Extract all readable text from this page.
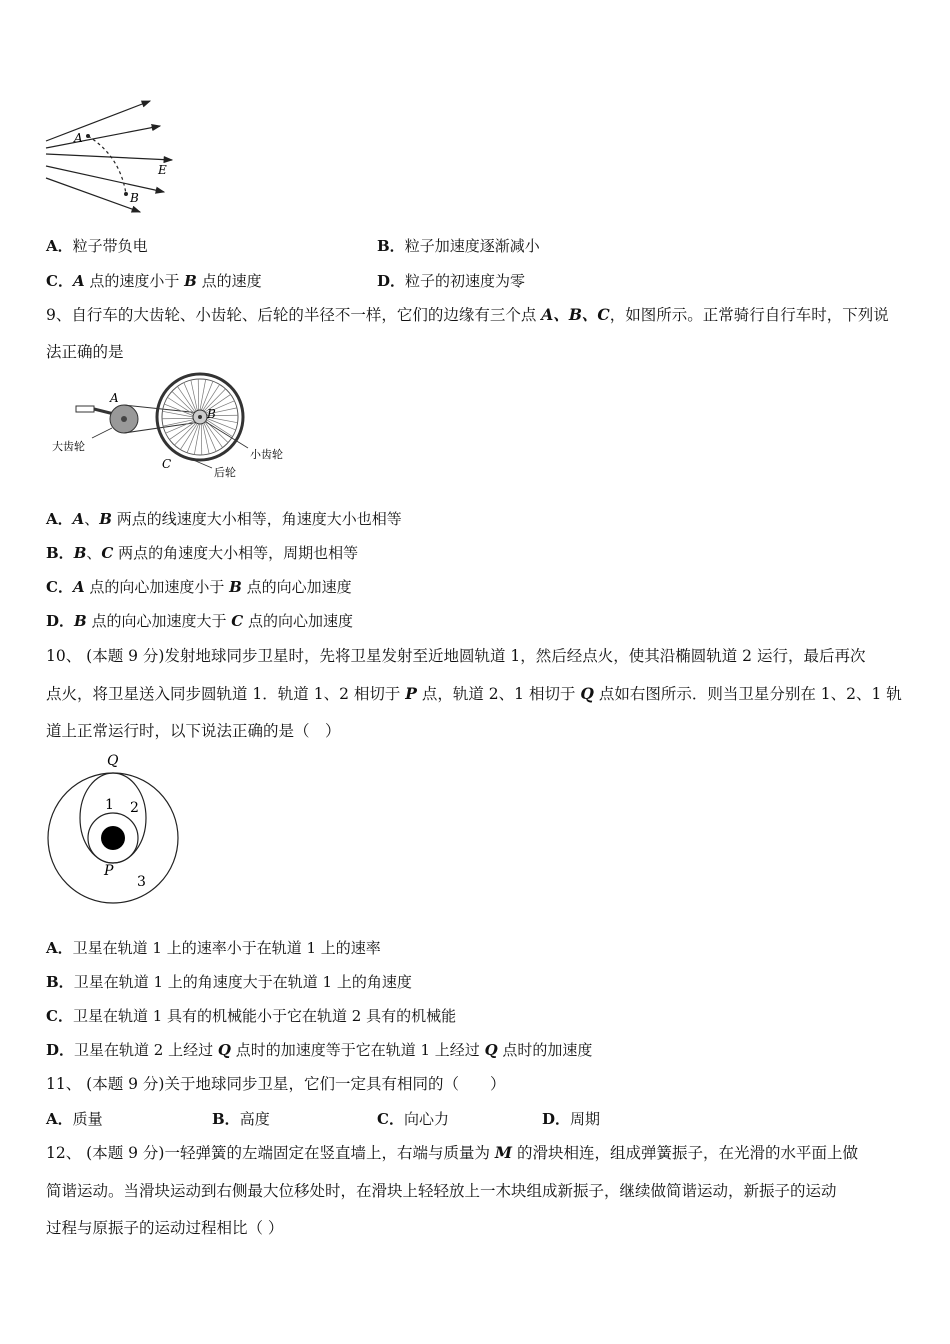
A
B
E
A．粒子带负电	B．粒子加速度逐渐减小
C．A 点的速度小于 B 点的速度	D．粒子的初速度为零
9、自行车的大齿轮、小齿轮、后轮的半径不一样，它们的边缘有三个点 A、B、C，如图所示。正常骑行自行车时，下列说
法正确的是
A
B
C
大齿轮
小齿轮
后轮
A．A、B 两点的线速度大小相等，角速度大小也相等
B．B、C 两点的角速度大小相等，周期也相等
C．A 点的向心加速度小于 B 点的向心加速度
D．B 点的向心加速度大于 C 点的向心加速度
10、 (本题 9 分)发射地球同步卫星时，先将卫星发射至近地圆轨道 1，然后经点火，使其沿椭圆轨道 2 运行，最后再次
点火，将卫星送入同步圆轨道 1．轨道 1、2 相切于 P 点，轨道 2、1 相切于 Q 点如右图所示．则当卫星分别在 1、2、1 轨
道上正常运行时，以下说法正确的是（　）
Q
P
1 2
3
A．卫星在轨道 1 上的速率小于在轨道 1 上的速率
B．卫星在轨道 1 上的角速度大于在轨道 1 上的角速度
C．卫星在轨道 1 具有的机械能小于它在轨道 2 具有的机械能
D．卫星在轨道 2 上经过 Q 点时的加速度等于它在轨道 1 上经过 Q 点时的加速度
11、 (本题 9 分)关于地球同步卫星，它们一定具有相同的（　　）
A．质量	B．高度	C．向心力	D．周期
12、 (本题 9 分)一轻弹簧的左端固定在竖直墙上，右端与质量为 M 的滑块相连，组成弹簧振子，在光滑的水平面上做
简谐运动。当滑块运动到右侧最大位移处时，在滑块上轻轻放上一木块组成新振子，继续做简谐运动，新振子的运动
过程与原振子的运动过程相比（ ）
